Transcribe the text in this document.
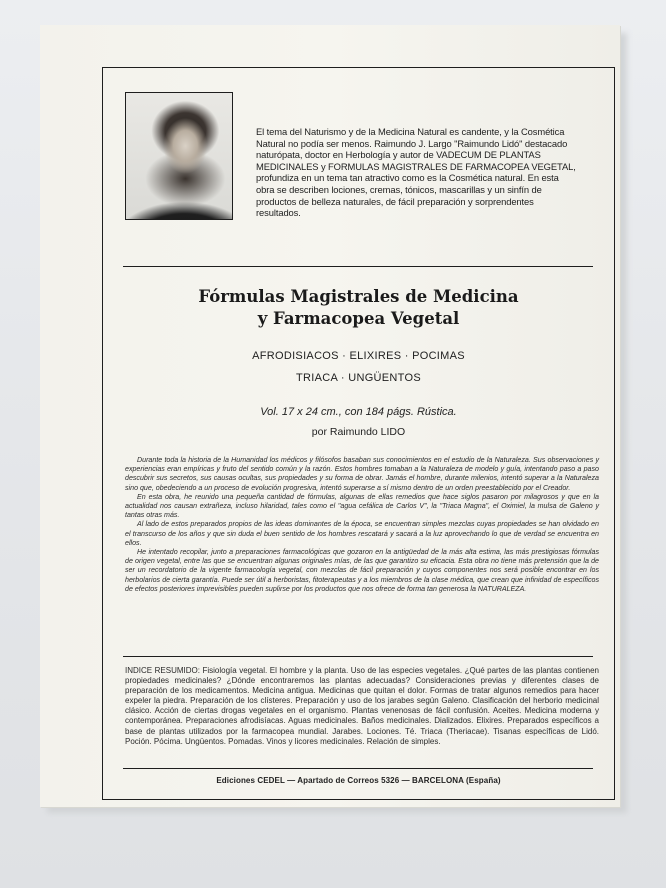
El tema del Naturismo y de la Medicina Natural es candente, y la Cosmética Natural no podía ser menos. Raimundo J. Largo "Raimundo Lidó" destacado naturópata, doctor en Herbología y autor de VADECUM DE PLANTAS MEDICINALES y FORMULAS MAGISTRALES DE FARMACOPEA VEGETAL, profundiza en un tema tan atractivo como es la Cosmética natural. En esta obra se describen lociones, cremas, tónicos, mascarillas y un sinfín de productos de belleza naturales, de fácil preparación y sorprendentes resultados.
Fórmulas Magistrales de Medicina
y Farmacopea Vegetal
AFRODISIACOS · ELIXIRES · POCIMAS
TRIACA · UNGÜENTOS
Vol. 17 x 24 cm., con 184 págs. Rústica.
por Raimundo LIDO

Durante toda la historia de la Humanidad los médicos y filósofos basaban sus conocimientos en el estudio de la Naturaleza. Sus observaciones y experiencias eran empíricas y fruto del sentido común y la razón. Estos hombres tomaban a la Naturaleza de modelo y guía, intentando paso a paso descubrir sus secretos, sus causas ocultas, sus propiedades y su forma de obrar. Jamás el hombre, durante milenios, intentó superar a la Naturaleza sino que, obedeciendo a un proceso de evolución progresiva, intentó superarse a sí mismo dentro de un orden preestablecido por el Creador.

En esta obra, he reunido una pequeña cantidad de fórmulas, algunas de ellas remedios que hace siglos pasaron por milagrosos y que en la actualidad nos causan extrañeza, incluso hilaridad, tales como el "agua cefálica de Carlos V", la "Triaca Magna", el Oximiel, la mulsa de Galeno y tantas otras más.

Al lado de estos preparados propios de las ideas dominantes de la época, se encuentran simples mezclas cuyas propiedades se han olvidado en el transcurso de los años y que sin duda el buen sentido de los hombres rescatará y sacará a la luz aprovechando lo que de verdad se encuentra en ellos.

He intentado recopilar, junto a preparaciones farmacológicas que gozaron en la antigüedad de la más alta estima, las más prestigiosas fórmulas de origen vegetal, entre las que se encuentran algunas originales mías, de las que garantizo su eficacia. Esta obra no tiene más pretensión que la de ser un recordatorio de la vigente farmacología vegetal, con mezclas de fácil preparación y cuyos componentes nos será posible encontrar en los herbolarios de cierta garantía. Puede ser útil a herboristas, fitoterapeutas y a los miembros de la clase médica, que crean que infinidad de específicos de efectos posteriores imprevisibles pueden suplirse por los productos que nos ofrece de forma tan generosa la NATURALEZA.

INDICE RESUMIDO: Fisiología vegetal. El hombre y la planta. Uso de las especies vegetales. ¿Qué partes de las plantas contienen propiedades medicinales? ¿Dónde encontraremos las plantas adecuadas? Consideraciones previas y diferentes clases de preparación de los medicamentos. Medicina antigua. Medicinas que quitan el dolor. Formas de tratar algunos remedios para hacer expeler la piedra. Preparación de los clísteres. Preparación y uso de los jarabes según Galeno. Clasificación del herborio medicinal clásico. Acción de ciertas drogas vegetales en el organismo. Plantas venenosas de fácil confusión. Aceites. Medicina moderna y contemporánea. Preparaciones afrodisíacas. Aguas medicinales. Baños medicinales. Dializados. Elixires. Preparados específicos a base de plantas utilizados por la farmacopea mundial. Jarabes. Lociones. Té. Triaca (Theriacae). Tisanas específicas de Lidó. Poción. Pócima. Ungüentos. Pomadas. Vinos y licores medicinales. Relación de simples.
Ediciones CEDEL — Apartado de Correos 5326 — BARCELONA (España)
